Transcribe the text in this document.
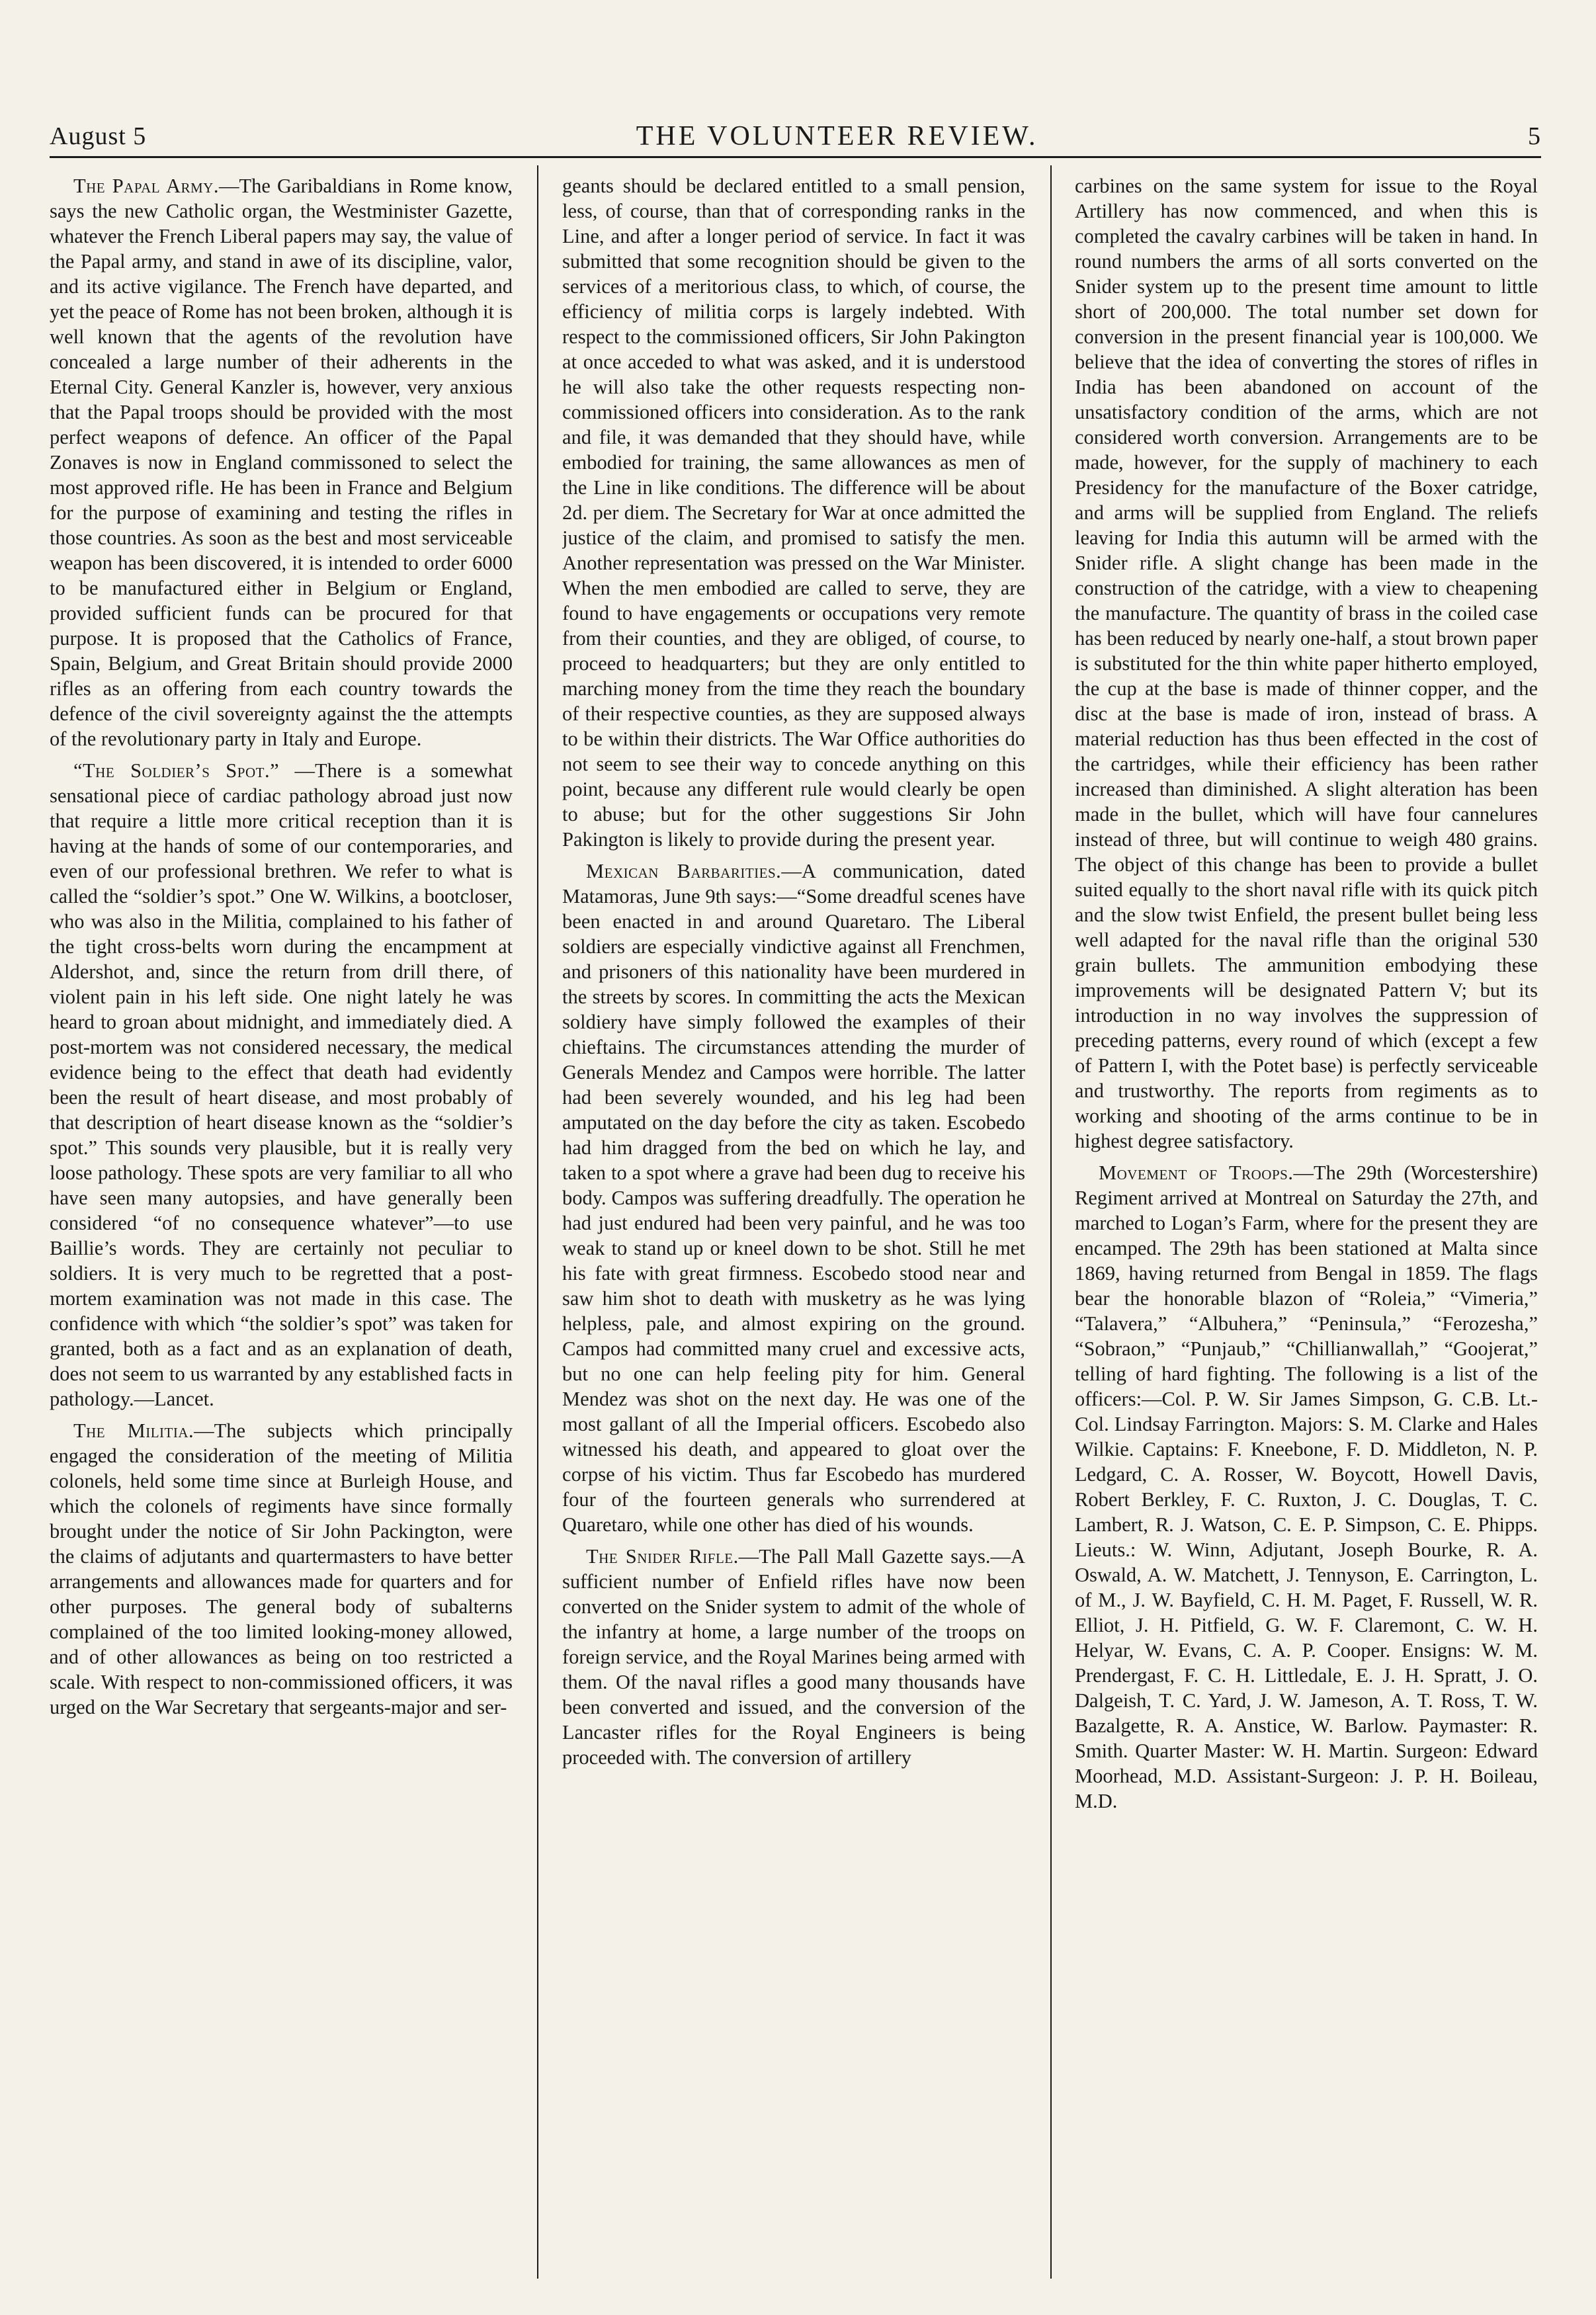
August 5	THE VOLUNTEER REVIEW.	5

The Papal Army.—The Garibaldians in Rome know, says the new Catholic organ, the Westminister Gazette, whatever the French Liberal papers may say, the value of the Papal army, and stand in awe of its discipline, valor, and its active vigilance. The French have departed, and yet the peace of Rome has not been broken, although it is well known that the agents of the revolution have concealed a large number of their adherents in the Eternal City. General Kanzler is, however, very anxious that the Papal troops should be provided with the most perfect weapons of defence. An officer of the Papal Zonaves is now in England commissoned to select the most approved rifle. He has been in France and Belgium for the purpose of examining and testing the rifles in those countries. As soon as the best and most serviceable weapon has been discovered, it is intended to order 6000 to be manufactured either in Belgium or England, provided sufficient funds can be procured for that purpose. It is proposed that the Catholics of France, Spain, Belgium, and Great Britain should provide 2000 rifles as an offering from each country towards the defence of the civil sovereignty against the the attempts of the revolutionary party in Italy and Europe.

“The Soldier’s Spot.” —There is a somewhat sensational piece of cardiac pathology abroad just now that require a little more critical reception than it is having at the hands of some of our contemporaries, and even of our professional brethren. We refer to what is called the “soldier’s spot.” One W. Wilkins, a bootcloser, who was also in the Militia, complained to his father of the tight cross-belts worn during the encampment at Aldershot, and, since the return from drill there, of violent pain in his left side. One night lately he was heard to groan about midnight, and immediately died. A post-mortem was not considered necessary, the medical evidence being to the effect that death had evidently been the result of heart disease, and most probably of that description of heart disease known as the “soldier’s spot.” This sounds very plausible, but it is really very loose pathology. These spots are very familiar to all who have seen many autopsies, and have generally been considered “of no consequence whatever”—to use Baillie’s words. They are certainly not peculiar to soldiers. It is very much to be regretted that a post-mortem examination was not made in this case. The confidence with which “the soldier’s spot” was taken for granted, both as a fact and as an explanation of death, does not seem to us warranted by any established facts in pathology.—Lancet.

The Militia.—The subjects which principally engaged the consideration of the meeting of Militia colonels, held some time since at Burleigh House, and which the colonels of regiments have since formally brought under the notice of Sir John Packington, were the claims of adjutants and quartermasters to have better arrangements and allowances made for quarters and for other purposes. The general body of subalterns complained of the too limited looking-money allowed, and of other allowances as being on too restricted a scale. With respect to non-commissioned officers, it was urged on the War Secretary that sergeants-major and ser-

geants should be declared entitled to a small pension, less, of course, than that of corresponding ranks in the Line, and after a longer period of service. In fact it was submitted that some recognition should be given to the services of a meritorious class, to which, of course, the efficiency of militia corps is largely indebted. With respect to the commissioned officers, Sir John Pakington at once acceded to what was asked, and it is understood he will also take the other requests respecting non-commissioned officers into consideration. As to the rank and file, it was demanded that they should have, while embodied for training, the same allowances as men of the Line in like conditions. The difference will be about 2d. per diem. The Secretary for War at once admitted the justice of the claim, and promised to satisfy the men. Another representation was pressed on the War Minister. When the men embodied are called to serve, they are found to have engagements or occupations very remote from their counties, and they are obliged, of course, to proceed to headquarters; but they are only entitled to marching money from the time they reach the boundary of their respective counties, as they are supposed always to be within their districts. The War Office authorities do not seem to see their way to concede anything on this point, because any different rule would clearly be open to abuse; but for the other suggestions Sir John Pakington is likely to provide during the present year.

Mexican Barbarities.—A communication, dated Matamoras, June 9th says:—“Some dreadful scenes have been enacted in and around Quaretaro. The Liberal soldiers are especially vindictive against all Frenchmen, and prisoners of this nationality have been murdered in the streets by scores. In committing the acts the Mexican soldiery have simply followed the examples of their chieftains. The circumstances attending the murder of Generals Mendez and Campos were horrible. The latter had been severely wounded, and his leg had been amputated on the day before the city as taken. Escobedo had him dragged from the bed on which he lay, and taken to a spot where a grave had been dug to receive his body. Campos was suffering dreadfully. The operation he had just endured had been very painful, and he was too weak to stand up or kneel down to be shot. Still he met his fate with great firmness. Escobedo stood near and saw him shot to death with musketry as he was lying helpless, pale, and almost expiring on the ground. Campos had committed many cruel and excessive acts, but no one can help feeling pity for him. General Mendez was shot on the next day. He was one of the most gallant of all the Imperial officers. Escobedo also witnessed his death, and appeared to gloat over the corpse of his victim. Thus far Escobedo has murdered four of the fourteen generals who surrendered at Quaretaro, while one other has died of his wounds.

The Snider Rifle.—The Pall Mall Gazette says.—A sufficient number of Enfield rifles have now been converted on the Snider system to admit of the whole of the infantry at home, a large number of the troops on foreign service, and the Royal Marines being armed with them. Of the naval rifles a good many thousands have been converted and issued, and the conversion of the Lancaster rifles for the Royal Engineers is being proceeded with. The conversion of artillery

carbines on the same system for issue to the Royal Artillery has now commenced, and when this is completed the cavalry carbines will be taken in hand. In round numbers the arms of all sorts converted on the Snider system up to the present time amount to little short of 200,000. The total number set down for conversion in the present financial year is 100,000. We believe that the idea of converting the stores of rifles in India has been abandoned on account of the unsatisfactory condition of the arms, which are not considered worth conversion. Arrangements are to be made, however, for the supply of machinery to each Presidency for the manufacture of the Boxer catridge, and arms will be supplied from England. The reliefs leaving for India this autumn will be armed with the Snider rifle. A slight change has been made in the construction of the catridge, with a view to cheapening the manufacture. The quantity of brass in the coiled case has been reduced by nearly one-half, a stout brown paper is substituted for the thin white paper hitherto employed, the cup at the base is made of thinner copper, and the disc at the base is made of iron, instead of brass. A material reduction has thus been effected in the cost of the cartridges, while their efficiency has been rather increased than diminished. A slight alteration has been made in the bullet, which will have four cannelures instead of three, but will continue to weigh 480 grains. The object of this change has been to provide a bullet suited equally to the short naval rifle with its quick pitch and the slow twist Enfield, the present bullet being less well adapted for the naval rifle than the original 530 grain bullets. The ammunition embodying these improvements will be designated Pattern V; but its introduction in no way involves the suppression of preceding patterns, every round of which (except a few of Pattern I, with the Potet base) is perfectly serviceable and trustworthy. The reports from regiments as to working and shooting of the arms continue to be in highest degree satisfactory.

Movement of Troops.—The 29th (Worcestershire) Regiment arrived at Montreal on Saturday the 27th, and marched to Logan’s Farm, where for the present they are encamped. The 29th has been stationed at Malta since 1869, having returned from Bengal in 1859. The flags bear the honorable blazon of “Roleia,” “Vimeria,” “Talavera,” “Albuhera,” “Peninsula,” “Ferozesha,” “Sobraon,” “Punjaub,” “Chillianwallah,” “Goojerat,” telling of hard fighting. The following is a list of the officers:—Col. P. W. Sir James Simpson, G. C.B. Lt.-Col. Lindsay Farrington. Majors: S. M. Clarke and Hales Wilkie. Captains: F. Kneebone, F. D. Middleton, N. P. Ledgard, C. A. Rosser, W. Boycott, Howell Davis, Robert Berkley, F. C. Ruxton, J. C. Douglas, T. C. Lambert, R. J. Watson, C. E. P. Simpson, C. E. Phipps. Lieuts.: W. Winn, Adjutant, Joseph Bourke, R. A. Oswald, A. W. Matchett, J. Tennyson, E. Carrington, L. of M., J. W. Bayfield, C. H. M. Paget, F. Russell, W. R. Elliot, J. H. Pitfield, G. W. F. Claremont, C. W. H. Helyar, W. Evans, C. A. P. Cooper. Ensigns: W. M. Prendergast, F. C. H. Littledale, E. J. H. Spratt, J. O. Dalgeish, T. C. Yard, J. W. Jameson, A. T. Ross, T. W. Bazalgette, R. A. Anstice, W. Barlow. Paymaster: R. Smith. Quarter Master: W. H. Martin. Surgeon: Edward Moorhead, M.D. Assistant-Surgeon: J. P. H. Boileau, M.D.
